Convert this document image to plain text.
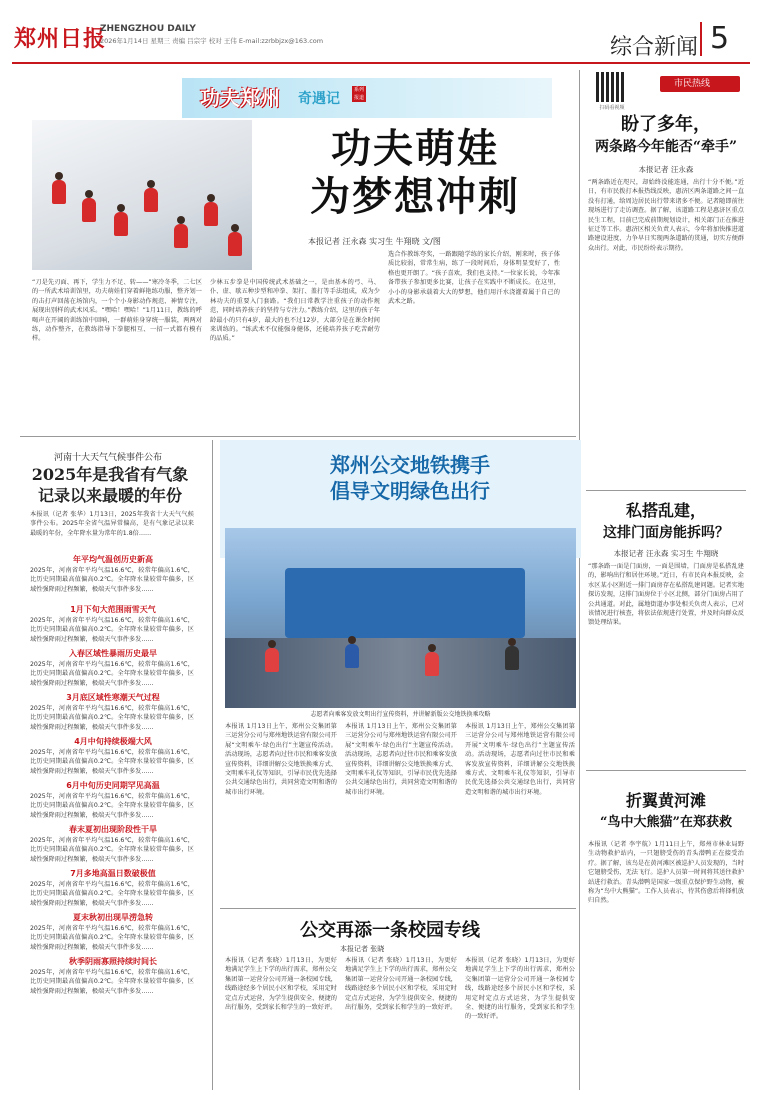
郑州日报
ZHENGZHOU DAILY
2026年1月14日 星期三 责编 吕宗宇 校对 王伟 E-mail:zzrbbjzx@163.com	综合新闻 5
功夫郑州 奇遇记
系列报道
功夫萌娃
为梦想冲刺
本报记者 汪永森 实习生 牛翔晓 文/图
“刀是先刃面、再下，学生力不足、转——”寒冷冬季，二七区的一所武术培训馆里，功夫萌娃们穿着鲜艳练功服，整齐划一的击打声回荡在场馆内，一个个小身影动作规范、神情专注，展现出别样的武术风采。“嘿哈！嘿哈！”1月11日，教练的呼喝声在开阔的训练馆中回响，一群萌娃身穿统一服装，两两对练，动作整齐，在教练指导下拳腿相互、一招一式都有模有样。
少林五步拳是中国传统武术基础之一，是由基本的弓、马、仆、虚、歇五种步型和冲拳、架打、盖打等手法组成，成为少林功夫的重要入门套路。“我们日常教学注重孩子的动作规范，同时培养孩子的坚持与专注力。”教练介绍，这里的孩子年龄最小的只有4岁，最大的也不过12岁，大部分是在课余时间来训练的。“练武术不仅能强身健体，还能培养孩子吃苦耐劳的品质。”
选合作教练夸奖，一路跟随学练的家长介绍，刚来时，孩子体质比较弱，常常生病，练了一段时间后，身体明显变好了，性格也更开朗了。“孩子喜欢，我们也支持。”一位家长说，今年准备带孩子参加更多比赛，让孩子在实践中不断成长。在这里，小小的身影承载着大大的梦想，他们用汗水浇灌着属于自己的武术之路。
扫码看视频
市民热线
盼了多年，
两条路今年能否“牵手”
本报记者 汪永森
“两条路近在咫尺，却始终没能连通，出行十分不便。”近日，有市民拨打本报热线反映，惠济区两条道路之间一直没有打通，给周边居民出行带来诸多不便。记者随即前往现场进行了走访调查。据了解，该道路工程是惠济区重点民生工程，目前已完成前期规划设计，相关部门正在推进征迁等工作。惠济区相关负责人表示，今年将加快推进道路建设进度，力争早日实现两条道路的贯通，切实方便群众出行。对此，市民纷纷表示期待。
私搭乱建，
这排门面房能拆吗？
本报记者 汪永森 实习生 牛翔晓
“那条路一面是门面房，一面是围墙，门面房是私搭乱建的，影响出行和居住环境。”近日，有市民向本报反映，金水区某小区附近一排门面房存在私搭乱建问题。记者实地探访发现，这排门面房位于小区北侧，部分门面房占用了公共通道。对此，属地街道办事处相关负责人表示，已对该情况进行核查，将依法依规进行处置，并及时向群众反馈处理结果。
折翼黄河滩
“鸟中大熊猫”在郑获救
本报讯（记者 李宇航）1月11日上午，郑州市林业局野生动物救护站内，一只翅膀受伤的青头潜鸭正在接受治疗。据了解，该鸟是在黄河滩区被巡护人员发现的，当时它翅膀受伤，无法飞行。巡护人员第一时间将其送往救护站进行救治。青头潜鸭是国家一级重点保护野生动物，被称为“鸟中大熊猫”。工作人员表示，待其伤愈后将择机放归自然。
河南十大天气气候事件公布
2025年是我省有气象
记录以来最暖的年份
本报讯（记者 张华）1月13日，2025年我省十大天气气候事件公布。2025年全省气温异常偏高，是有气象记录以来最暖的年份，全年降水量为常年的1.8倍……
年平均气温创历史新高
2025年，河南省年平均气温16.6℃，较常年偏高1.6℃，比历史同期最高值偏高0.2℃。全年降水量较常年偏多，区域性强降雨过程频繁，极端天气事件多发……
1月下旬大范围雨雪天气
2025年，河南省年平均气温16.6℃，较常年偏高1.6℃，比历史同期最高值偏高0.2℃。全年降水量较常年偏多，区域性强降雨过程频繁，极端天气事件多发……
入春区域性暴雨历史最早
2025年，河南省年平均气温16.6℃，较常年偏高1.6℃，比历史同期最高值偏高0.2℃。全年降水量较常年偏多，区域性强降雨过程频繁，极端天气事件多发……
3月底区域性寒潮天气过程
2025年，河南省年平均气温16.6℃，较常年偏高1.6℃，比历史同期最高值偏高0.2℃。全年降水量较常年偏多，区域性强降雨过程频繁，极端天气事件多发……
4月中旬持续极端大风
2025年，河南省年平均气温16.6℃，较常年偏高1.6℃，比历史同期最高值偏高0.2℃。全年降水量较常年偏多，区域性强降雨过程频繁，极端天气事件多发……
6月中旬历史同期罕见高温
2025年，河南省年平均气温16.6℃，较常年偏高1.6℃，比历史同期最高值偏高0.2℃。全年降水量较常年偏多，区域性强降雨过程频繁，极端天气事件多发……
春末夏初出现阶段性干旱
2025年，河南省年平均气温16.6℃，较常年偏高1.6℃，比历史同期最高值偏高0.2℃。全年降水量较常年偏多，区域性强降雨过程频繁，极端天气事件多发……
7月多地高温日数破极值
2025年，河南省年平均气温16.6℃，较常年偏高1.6℃，比历史同期最高值偏高0.2℃。全年降水量较常年偏多，区域性强降雨过程频繁，极端天气事件多发……
夏末秋初出现旱涝急转
2025年，河南省年平均气温16.6℃，较常年偏高1.6℃，比历史同期最高值偏高0.2℃。全年降水量较常年偏多，区域性强降雨过程频繁，极端天气事件多发……
秋季阴雨寡照持续时间长
2025年，河南省年平均气温16.6℃，较常年偏高1.6℃，比历史同期最高值偏高0.2℃。全年降水量较常年偏多，区域性强降雨过程频繁，极端天气事件多发……
郑州公交地铁携手
倡导文明绿色出行
志愿者向乘客发放文明出行宣传资料，并讲解新版公交地铁换乘攻略
本报讯 1月13日上午，郑州公交集团第三运营分公司与郑州地铁运营有限公司开展“文明乘车·绿色出行”主题宣传活动。活动现场，志愿者向过往市民和乘客发放宣传资料，详细讲解公交地铁换乘方式、文明乘车礼仪等知识，引导市民优先选择公共交通绿色出行，共同营造文明和谐的城市出行环境。
本报讯 1月13日上午，郑州公交集团第三运营分公司与郑州地铁运营有限公司开展“文明乘车·绿色出行”主题宣传活动。活动现场，志愿者向过往市民和乘客发放宣传资料，详细讲解公交地铁换乘方式、文明乘车礼仪等知识，引导市民优先选择公共交通绿色出行，共同营造文明和谐的城市出行环境。
本报讯 1月13日上午，郑州公交集团第三运营分公司与郑州地铁运营有限公司开展“文明乘车·绿色出行”主题宣传活动。活动现场，志愿者向过往市民和乘客发放宣传资料，详细讲解公交地铁换乘方式、文明乘车礼仪等知识，引导市民优先选择公共交通绿色出行，共同营造文明和谐的城市出行环境。
公交再添一条校园专线
本报记者 张晓
本报讯（记者 张晓）1月13日，为更好地满足学生上下学的出行需求，郑州公交集团第一运营分公司开通一条校园专线，线路途经多个居民小区和学校，采用定时定点方式运营，为学生提供安全、便捷的出行服务，受到家长和学生的一致好评。
本报讯（记者 张晓）1月13日，为更好地满足学生上下学的出行需求，郑州公交集团第一运营分公司开通一条校园专线，线路途经多个居民小区和学校，采用定时定点方式运营，为学生提供安全、便捷的出行服务，受到家长和学生的一致好评。
本报讯（记者 张晓）1月13日，为更好地满足学生上下学的出行需求，郑州公交集团第一运营分公司开通一条校园专线，线路途经多个居民小区和学校，采用定时定点方式运营，为学生提供安全、便捷的出行服务，受到家长和学生的一致好评。
